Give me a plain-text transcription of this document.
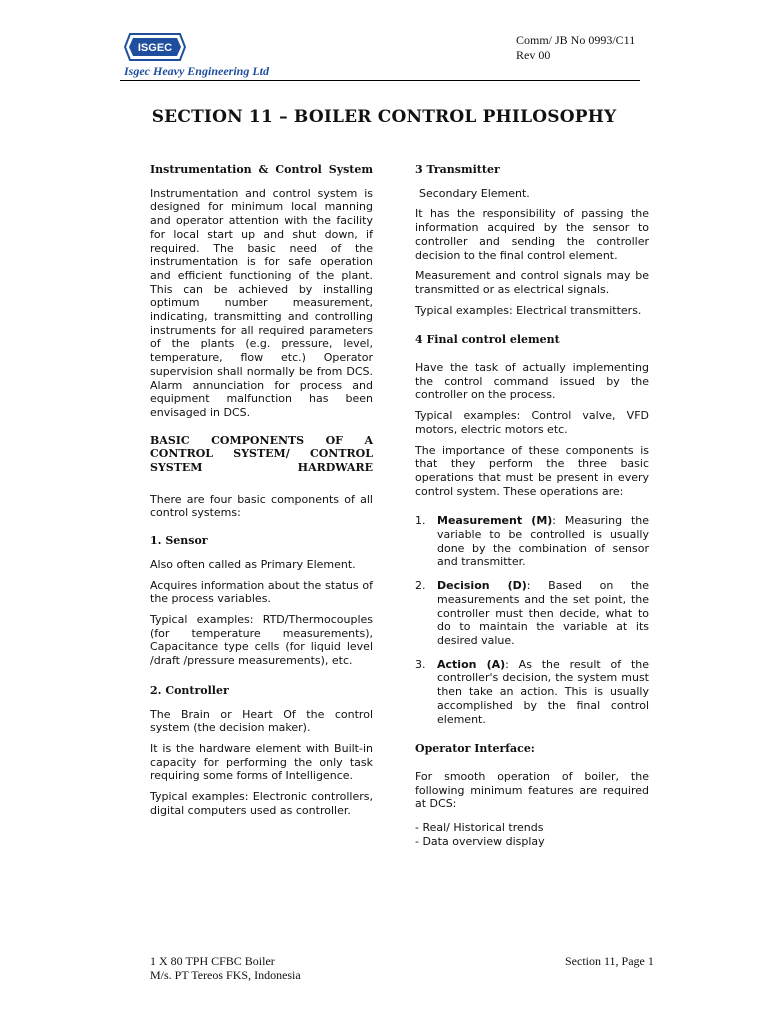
ISGEC
Isgec Heavy Engineering Ltd
Comm/ JB No 0993/C11
Rev 00
SECTION 11 – BOILER CONTROL PHILOSOPHY
Instrumentation & Control System

Instrumentation and control system is designed for minimum local manning and operator attention with the facility for local start up and shut down, if required. The basic need of the instrumentation is for safe operation and efficient functioning of the plant. This can be achieved by installing optimum number measurement, indicating, transmitting and controlling instruments for all required parameters of the plants (e.g. pressure, level, temperature, flow etc.) Operator supervision shall normally be from DCS. Alarm annunciation for process and equipment malfunction has been envisaged in DCS.

BASIC COMPONENTS OF A CONTROL SYSTEM/ CONTROL SYSTEM HARDWARE

There are four basic components of all control systems:

1. Sensor

Also often called as Primary Element.

Acquires information about the status of the process variables.

Typical examples: RTD/Thermocouples (for temperature measurements), Capacitance type cells (for liquid level /draft /pressure measurements), etc.

2. Controller

The Brain or Heart Of the control system (the decision maker).

It is the hardware element with Built-in capacity for performing the only task requiring some forms of Intelligence.

Typical examples: Electronic controllers, digital computers used as controller.

3 Transmitter

Secondary Element.

It has the responsibility of passing the information acquired by the sensor to controller and sending the controller decision to the final control element.

Measurement and control signals may be transmitted or as electrical signals.

Typical examples: Electrical transmitters.

4 Final control element

Have the task of actually implementing the control command issued by the controller on the process.

Typical examples: Control valve, VFD motors, electric motors etc.

The importance of these components is that they perform the three basic operations that must be present in every control system. These operations are:

1. Measurement (M): Measuring the variable to be controlled is usually done by the combination of sensor and transmitter.
2. Decision (D): Based on the measurements and the set point, the controller must then decide, what to do to maintain the variable at its desired value.
3. Action (A): As the result of the controller's decision, the system must then take an action. This is usually accomplished by the final control element.
Operator Interface:

For smooth operation of boiler, the following minimum features are required at DCS:

- Real/ Historical trends
- Data overview display
1 X 80 TPH CFBC Boiler
M/s. PT Tereos FKS, Indonesia
Section 11, Page 1
